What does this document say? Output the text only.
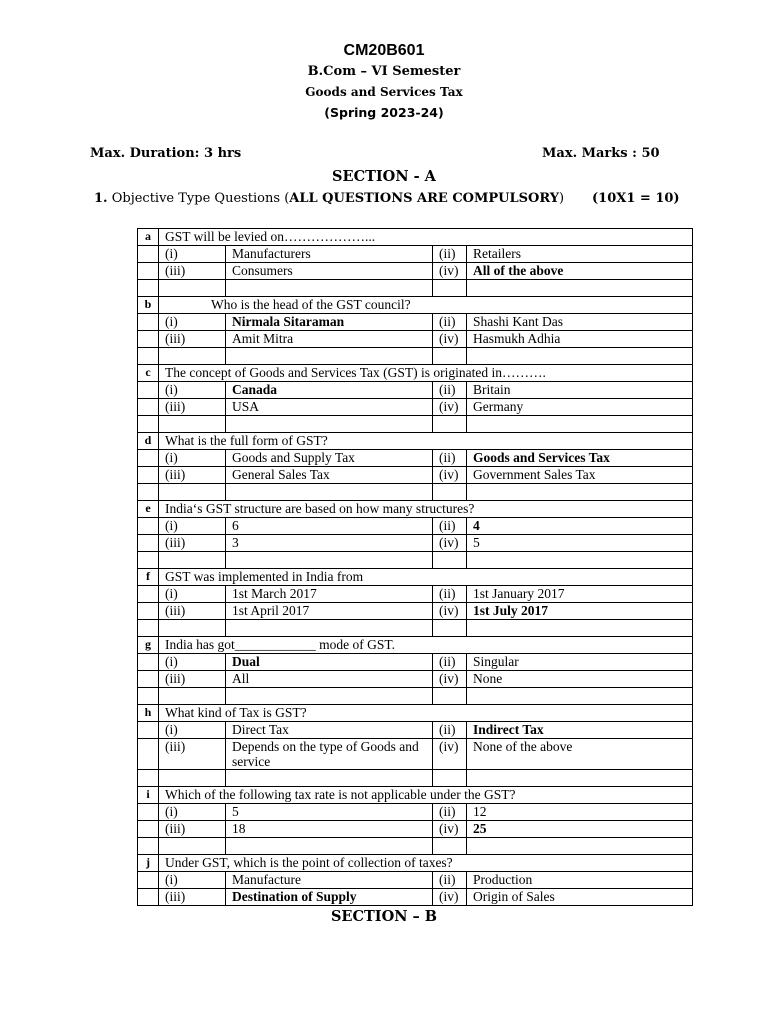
CM20B601
B.Com – VI Semester
Goods and Services Tax
(Spring 2023-24)
Max. Duration: 3 hrs	Max. Marks : 50
SECTION - A
1. Objective Type Questions (ALL QUESTIONS ARE COMPULSORY) (10X1 = 10)
a	GST will be levied on………………...			
	(i)	Manufacturers	(ii)	Retailers
	(iii)	Consumers	(iv)	All of the above

b	Who is the head of the GST council?			
	(i)	Nirmala Sitaraman	(ii)	Shashi Kant Das
	(iii)	Amit Mitra	(iv)	Hasmukh Adhia

c	The concept of Goods and Services Tax (GST) is originated in……….			
	(i)	Canada	(ii)	Britain
	(iii)	USA	(iv)	Germany

d	What is the full form of GST?			
	(i)	Goods and Supply Tax	(ii)	Goods and Services Tax
	(iii)	General Sales Tax	(iv)	Government Sales Tax

e	India‘s GST structure are based on how many structures?			
	(i)	6	(ii)	4
	(iii)	3	(iv)	5

f	GST was implemented in India from			
	(i)	1st March 2017	(ii)	1st January 2017
	(iii)	1st April 2017	(iv)	1st July 2017

g	India has got____________ mode of GST.			
	(i)	Dual	(ii)	Singular
	(iii)	All	(iv)	None

h	What kind of Tax is GST?			
	(i)	Direct Tax	(ii)	Indirect Tax
	(iii)	Depends on the type of Goods and service	(iv)	None of the above

i	Which of the following tax rate is not applicable under the GST?			
	(i)	5	(ii)	12
	(iii)	18	(iv)	25

j	Under GST, which is the point of collection of taxes?			
	(i)	Manufacture	(ii)	Production
	(iii)	Destination of Supply	(iv)	Origin of Sales
SECTION – B
